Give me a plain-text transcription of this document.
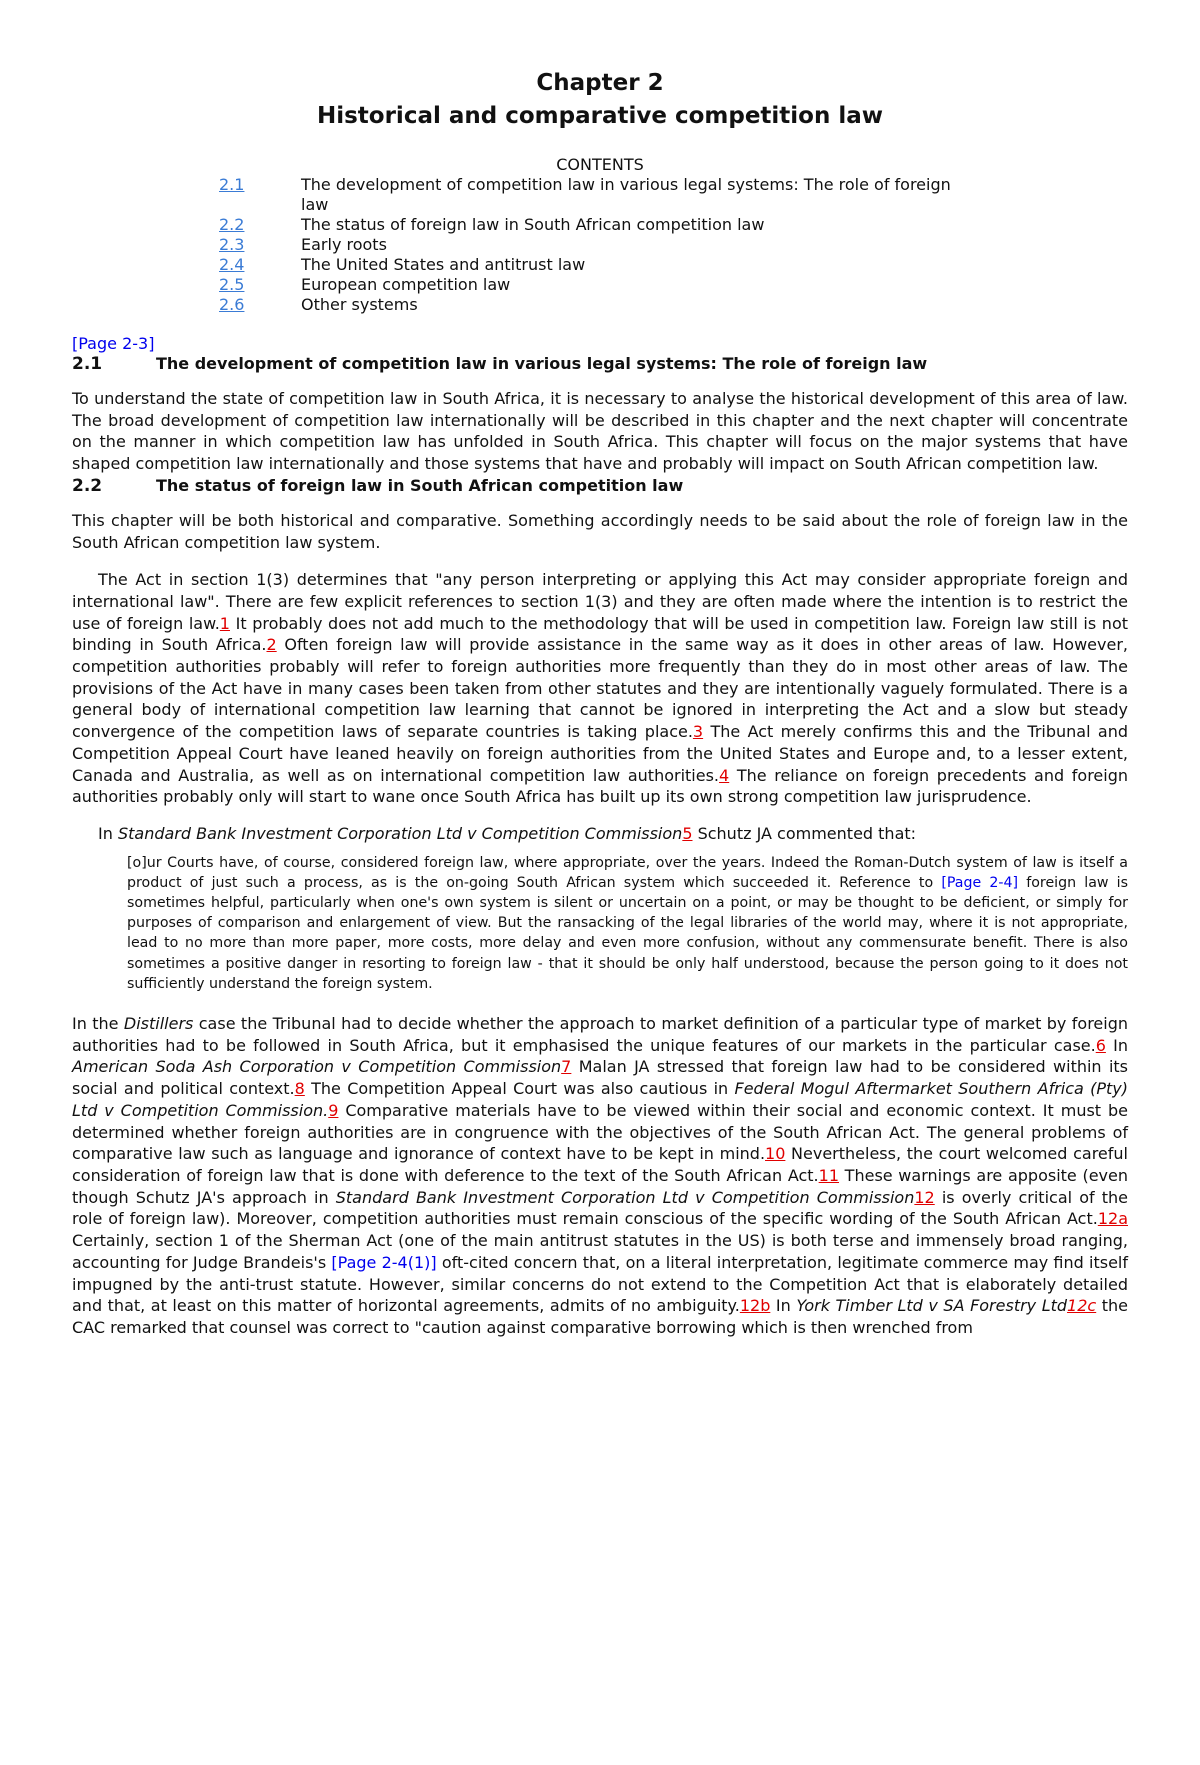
Chapter 2
Historical and comparative competition law
CONTENTS
2.1	The development of competition law in various legal systems: The role of foreign law
2.2	The status of foreign law in South African competition law
2.3	Early roots
2.4	The United States and antitrust law
2.5	European competition law
2.6	Other systems
[Page 2-3]
2.1	The development of competition law in various legal systems: The role of foreign law

To understand the state of competition law in South Africa, it is necessary to analyse the historical development of this area of law. The broad development of competition law internationally will be described in this chapter and the next chapter will concentrate on the manner in which competition law has unfolded in South Africa. This chapter will focus on the major systems that have shaped competition law internationally and those systems that have and probably will impact on South African competition law.

2.2	The status of foreign law in South African competition law

This chapter will be both historical and comparative. Something accordingly needs to be said about the role of foreign law in the South African competition law system.

The Act in section 1(3) determines that "any person interpreting or applying this Act may consider appropriate foreign and international law". There are few explicit references to section 1(3) and they are often made where the intention is to restrict the use of foreign law.1 It probably does not add much to the methodology that will be used in competition law. Foreign law still is not binding in South Africa.2 Often foreign law will provide assistance in the same way as it does in other areas of law. However, competition authorities probably will refer to foreign authorities more frequently than they do in most other areas of law. The provisions of the Act have in many cases been taken from other statutes and they are intentionally vaguely formulated. There is a general body of international competition law learning that cannot be ignored in interpreting the Act and a slow but steady convergence of the competition laws of separate countries is taking place.3 The Act merely confirms this and the Tribunal and Competition Appeal Court have leaned heavily on foreign authorities from the United States and Europe and, to a lesser extent, Canada and Australia, as well as on international competition law authorities.4 The reliance on foreign precedents and foreign authorities probably only will start to wane once South Africa has built up its own strong competition law jurisprudence.

In Standard Bank Investment Corporation Ltd v Competition Commission5 Schutz JA commented that:

[o]ur Courts have, of course, considered foreign law, where appropriate, over the years. Indeed the Roman-Dutch system of law is itself a product of just such a process, as is the on-going South African system which succeeded it. Reference to [Page 2-4] foreign law is sometimes helpful, particularly when one's own system is silent or uncertain on a point, or may be thought to be deficient, or simply for purposes of comparison and enlargement of view. But the ransacking of the legal libraries of the world may, where it is not appropriate, lead to no more than more paper, more costs, more delay and even more confusion, without any commensurate benefit. There is also sometimes a positive danger in resorting to foreign law - that it should be only half understood, because the person going to it does not sufficiently understand the foreign system.

In the Distillers case the Tribunal had to decide whether the approach to market definition of a particular type of market by foreign authorities had to be followed in South Africa, but it emphasised the unique features of our markets in the particular case.6 In American Soda Ash Corporation v Competition Commission7 Malan JA stressed that foreign law had to be considered within its social and political context.8 The Competition Appeal Court was also cautious in Federal Mogul Aftermarket Southern Africa (Pty) Ltd v Competition Commission.9 Comparative materials have to be viewed within their social and economic context. It must be determined whether foreign authorities are in congruence with the objectives of the South African Act. The general problems of comparative law such as language and ignorance of context have to be kept in mind.10 Nevertheless, the court welcomed careful consideration of foreign law that is done with deference to the text of the South African Act.11 These warnings are apposite (even though Schutz JA's approach in Standard Bank Investment Corporation Ltd v Competition Commission12 is overly critical of the role of foreign law). Moreover, competition authorities must remain conscious of the specific wording of the South African Act.12a Certainly, section 1 of the Sherman Act (one of the main antitrust statutes in the US) is both terse and immensely broad ranging, accounting for Judge Brandeis's [Page 2-4(1)] oft-cited concern that, on a literal interpretation, legitimate commerce may find itself impugned by the anti-trust statute. However, similar concerns do not extend to the Competition Act that is elaborately detailed and that, at least on this matter of horizontal agreements, admits of no ambiguity.12b In York Timber Ltd v SA Forestry Ltd12c the CAC remarked that counsel was correct to "caution against comparative borrowing which is then wrenched from
